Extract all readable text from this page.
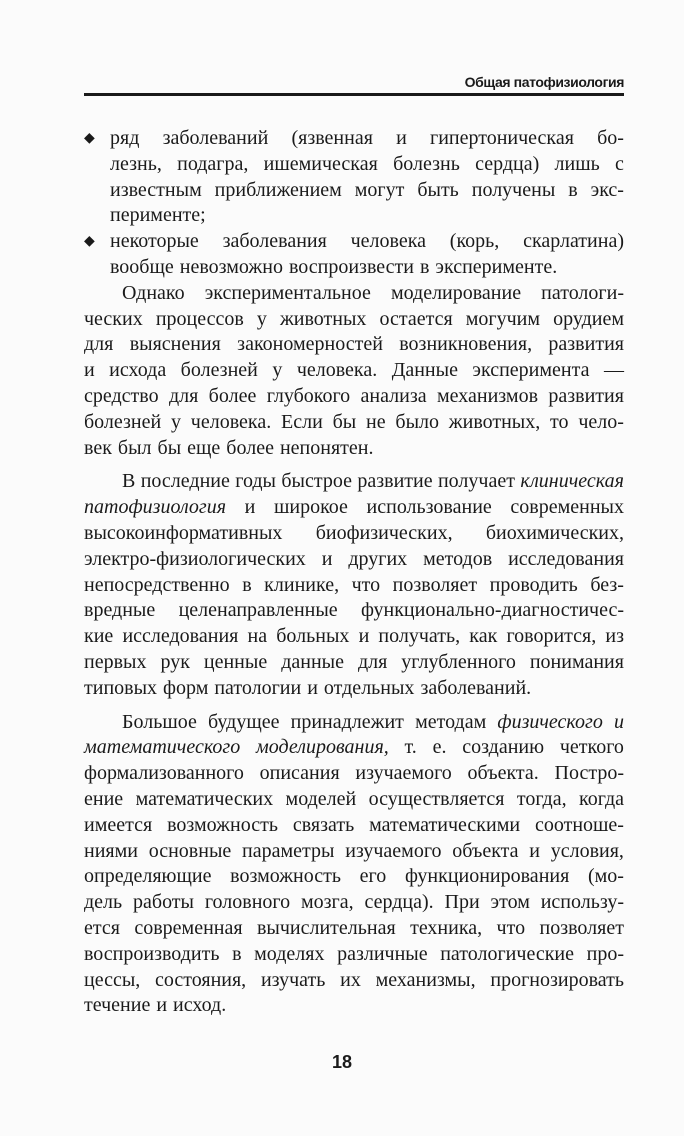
Общая патофизиология
◆ ряд заболеваний (язвенная и гипертоническая бо-
лезнь, подагра, ишемическая болезнь сердца) лишь с
известным приближением могут быть получены в экс-
перименте;
◆ некоторые заболевания человека (корь, скарлатина)
вообще невозможно воспроизвести в эксперименте.
Однако экспериментальное моделирование патологи-
ческих процессов у животных остается могучим орудием
для выяснения закономерностей возникновения, развития
и исхода болезней у человека. Данные эксперимента —
средство для более глубокого анализа механизмов развития
болезней у человека. Если бы не было животных, то чело-
век был бы еще более непонятен.
В последние годы быстрое развитие получает клиническая
патофизиология и широкое использование современных
высокоинформативных биофизических, биохимических,
электро-физиологических и других методов исследования
непосредственно в клинике, что позволяет проводить без-
вредные целенаправленные функционально-диагностичес-
кие исследования на больных и получать, как говорится, из
первых рук ценные данные для углубленного понимания
типовых форм патологии и отдельных заболеваний.
Большое будущее принадлежит методам физического и
математического моделирования, т. е. созданию четкого
формализованного описания изучаемого объекта. Постро-
ение математических моделей осуществляется тогда, когда
имеется возможность связать математическими соотноше-
ниями основные параметры изучаемого объекта и условия,
определяющие возможность его функционирования (мо-
дель работы головного мозга, сердца). При этом использу-
ется современная вычислительная техника, что позволяет
воспроизводить в моделях различные патологические про-
цессы, состояния, изучать их механизмы, прогнозировать
течение и исход.
18
